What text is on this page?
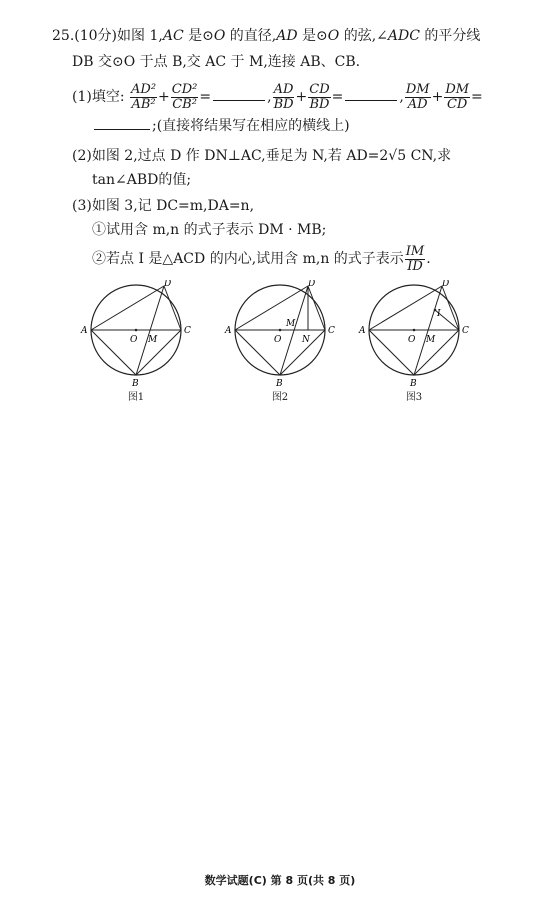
25.(10分)如图 1,AC 是⊙O 的直径,AD 是⊙O 的弦,∠ADC 的平分线
DB 交⊙O 于点 B,交 AC 于 M,连接 AB、CB.
(1)填空: $\frac{\text{AD²}}{\text{AB²}} + \frac{\text{CD²}}{\text{CB²}}$ =	, $\frac{AD}{BD} + \frac{CD}{BD}$ =	, $\frac{DM}{AD} + \frac{DM}{CD}$ =
;(直接将结果写在相应的横线上)
(2)如图 2,过点 D 作 DN⊥AC,垂足为 N,若 AD=2√5 CN,求
tan∠ABD的值;
(3)如图 3,记 DC=m,DA=n,
①试用含 m,n 的式子表示 DM · MB;
②若点 I 是△ACD 的内心,试用含 m,n 的式子表示 $\frac{IM}{ID}$ .
A	C
D
O M
B
图1
A	C
D
O
M
N
B
图2
A	C
D
O M
I
B
图3
数学试题(C) 第 8 页(共 8 页)
